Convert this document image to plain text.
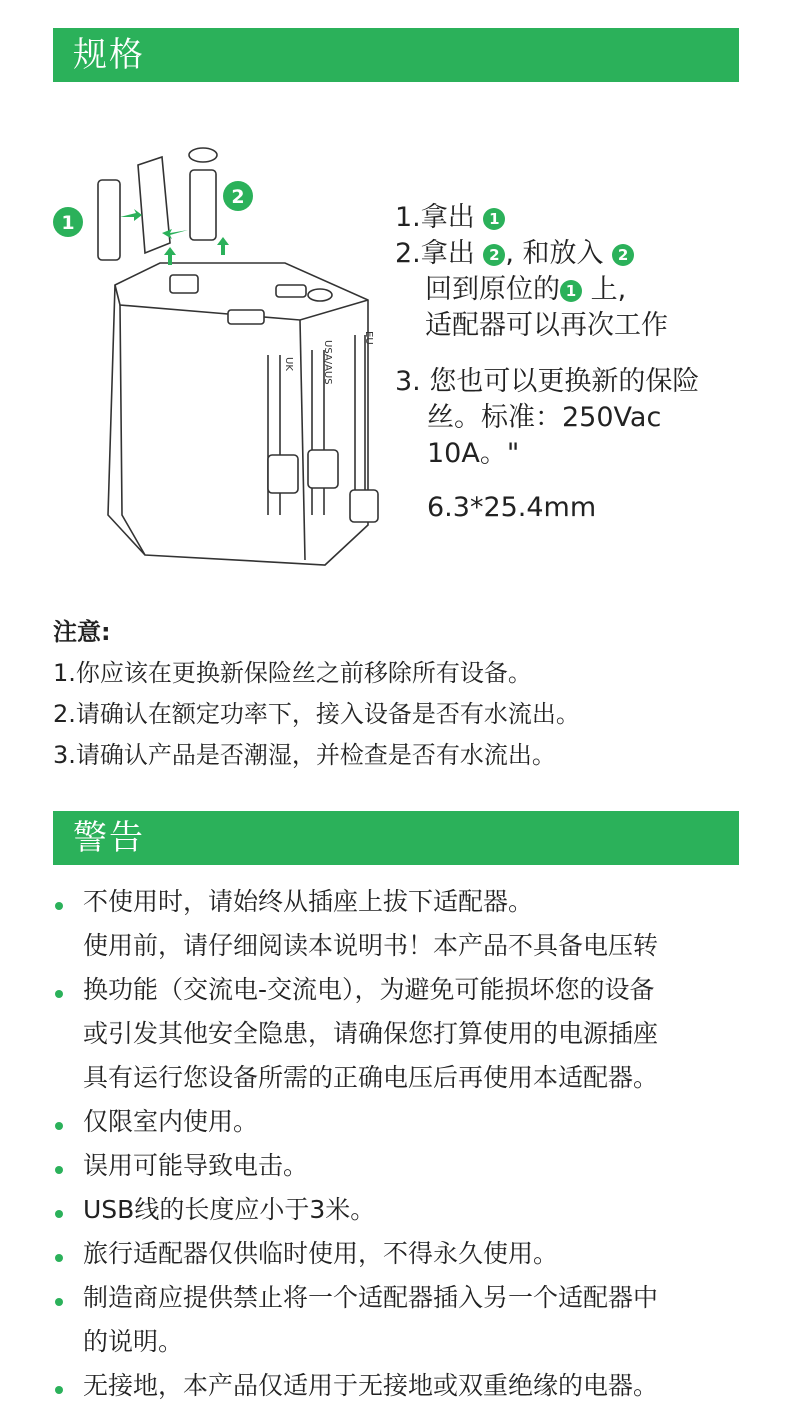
规格
1
2
UK	USA/AUS
EU
1.拿出 1
2.拿出 2 , 和放入 2
回到原位的 1 上,
适配器可以再次工作
3. 您也可以更换新的保险
丝。标准：250Vac
10A。"
6.3*25.4mm
注意:
1.你应该在更换新保险丝之前移除所有设备。
2.请确认在额定功率下，接入设备是否有水流出。
3.请确认产品是否潮湿，并检查是否有水流出。
警告
不使用时，请始终从插座上拔下适配器。
使用前，请仔细阅读本说明书！本产品不具备电压转
换功能（交流电-交流电），为避免可能损坏您的设备
或引发其他安全隐患，请确保您打算使用的电源插座
具有运行您设备所需的正确电压后再使用本适配器。
仅限室内使用。
误用可能导致电击。
USB线的长度应小于3米。
旅行适配器仅供临时使用，不得永久使用。
制造商应提供禁止将一个适配器插入另一个适配器中
的说明。
无接地，本产品仅适用于无接地或双重绝缘的电器。
